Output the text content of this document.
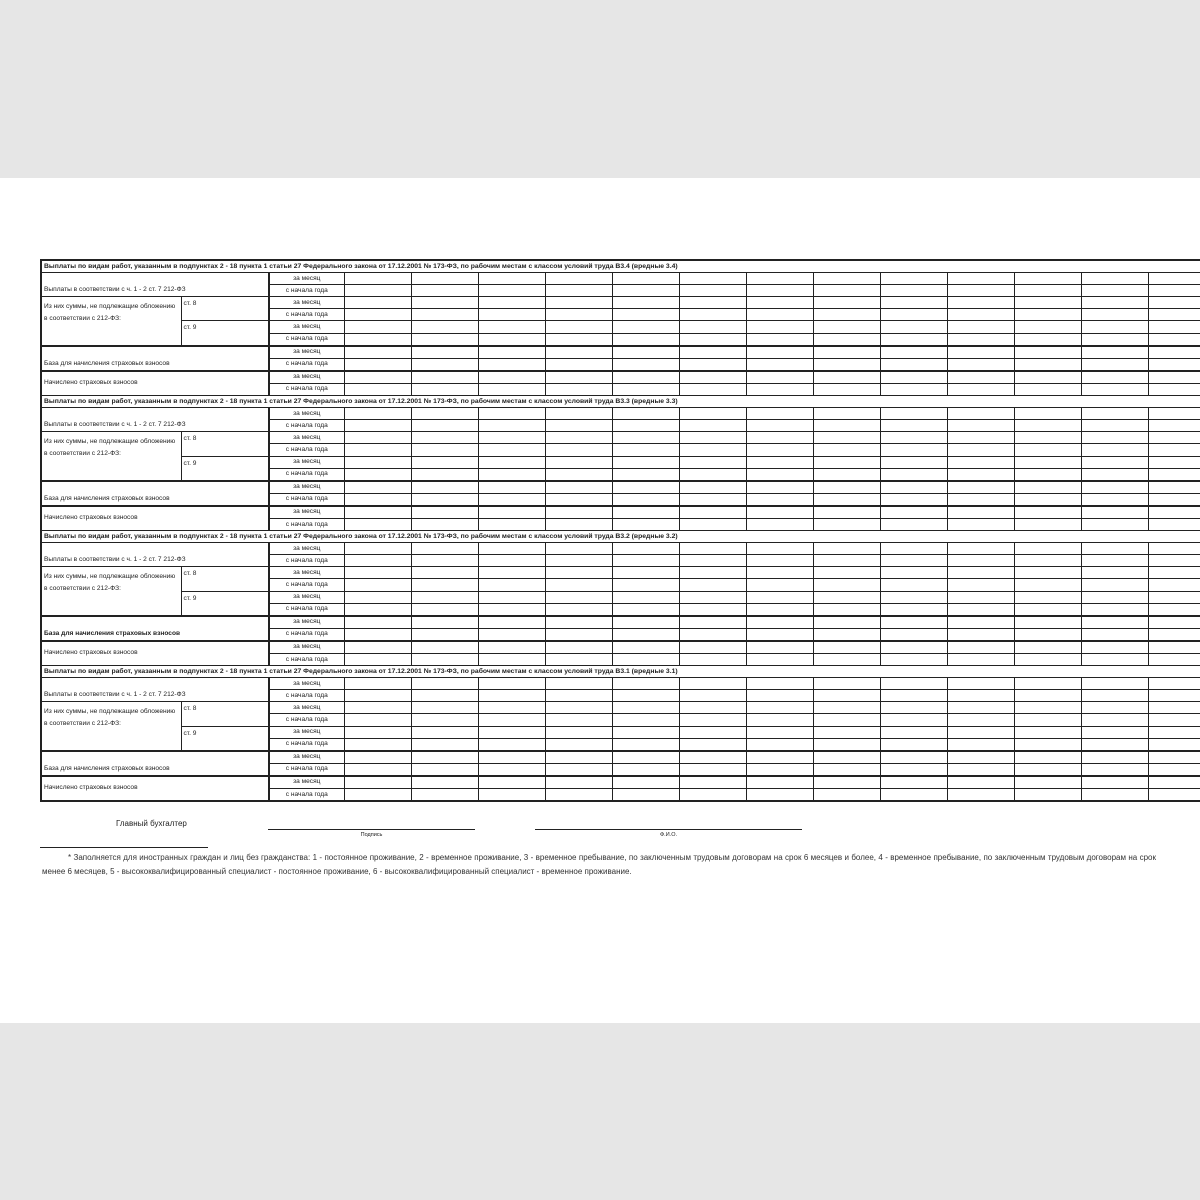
Выплаты по видам работ, указанным в подпунктах 2 - 18 пункта 1 статьи 27 Федерального закона от 17.12.2001 № 173-ФЗ, по рабочим местам с классом условий труда В3.4 (вредные 3.4)															
Выплаты в соответствии с ч. 1 - 2 ст. 7 212-ФЗ		за месяц													
		с начала года													
Из них суммы, не подлежащие обложению в соответствии с 212-ФЗ:	ст. 8	за месяц													
		с начала года													
	ст. 9	за месяц													
		с начала года													
База для начисления страховых взносов		за месяц													
		с начала года													
Начислено страховых взносов		за месяц													
		с начала года													
Выплаты по видам работ, указанным в подпунктах 2 - 18 пункта 1 статьи 27 Федерального закона от 17.12.2001 № 173-ФЗ, по рабочим местам с классом условий труда В3.3 (вредные 3.3)															
Выплаты в соответствии с ч. 1 - 2 ст. 7 212-ФЗ		за месяц													
		с начала года													
Из них суммы, не подлежащие обложению в соответствии с 212-ФЗ:	ст. 8	за месяц													
		с начала года													
	ст. 9	за месяц													
		с начала года													
База для начисления страховых взносов		за месяц													
		с начала года													
Начислено страховых взносов		за месяц													
		с начала года													
Выплаты по видам работ, указанным в подпунктах 2 - 18 пункта 1 статьи 27 Федерального закона от 17.12.2001 № 173-ФЗ, по рабочим местам с классом условий труда В3.2 (вредные 3.2)															
Выплаты в соответствии с ч. 1 - 2 ст. 7 212-ФЗ		за месяц													
		с начала года													
Из них суммы, не подлежащие обложению в соответствии с 212-ФЗ:	ст. 8	за месяц													
		с начала года													
	ст. 9	за месяц													
		с начала года													
База для начисления страховых взносов		за месяц													
		с начала года													
Начислено страховых взносов		за месяц													
		с начала года													
Выплаты по видам работ, указанным в подпунктах 2 - 18 пункта 1 статьи 27 Федерального закона от 17.12.2001 № 173-ФЗ, по рабочим местам с классом условий труда В3.1 (вредные 3.1)															
Выплаты в соответствии с ч. 1 - 2 ст. 7 212-ФЗ		за месяц													
		с начала года													
Из них суммы, не подлежащие обложению в соответствии с 212-ФЗ:	ст. 8	за месяц													
		с начала года													
	ст. 9	за месяц													
		с начала года													
База для начисления страховых взносов		за месяц													
		с начала года													
Начислено страховых взносов		за месяц													
		с начала года													
Главный бухгалтер
Подпись	Ф.И.О.
* Заполняется для иностранных граждан и лиц без гражданства: 1 - постоянное проживание, 2 - временное проживание, 3 - временное пребывание, по заключенным трудовым договорам на срок 6 месяцев и более, 4 - временное пребывание, по заключенным трудовым договорам на срок менее 6 месяцев, 5 - высококвалифицированный специалист - постоянное проживание, 6 - высококвалифицированный специалист - временное проживание.
